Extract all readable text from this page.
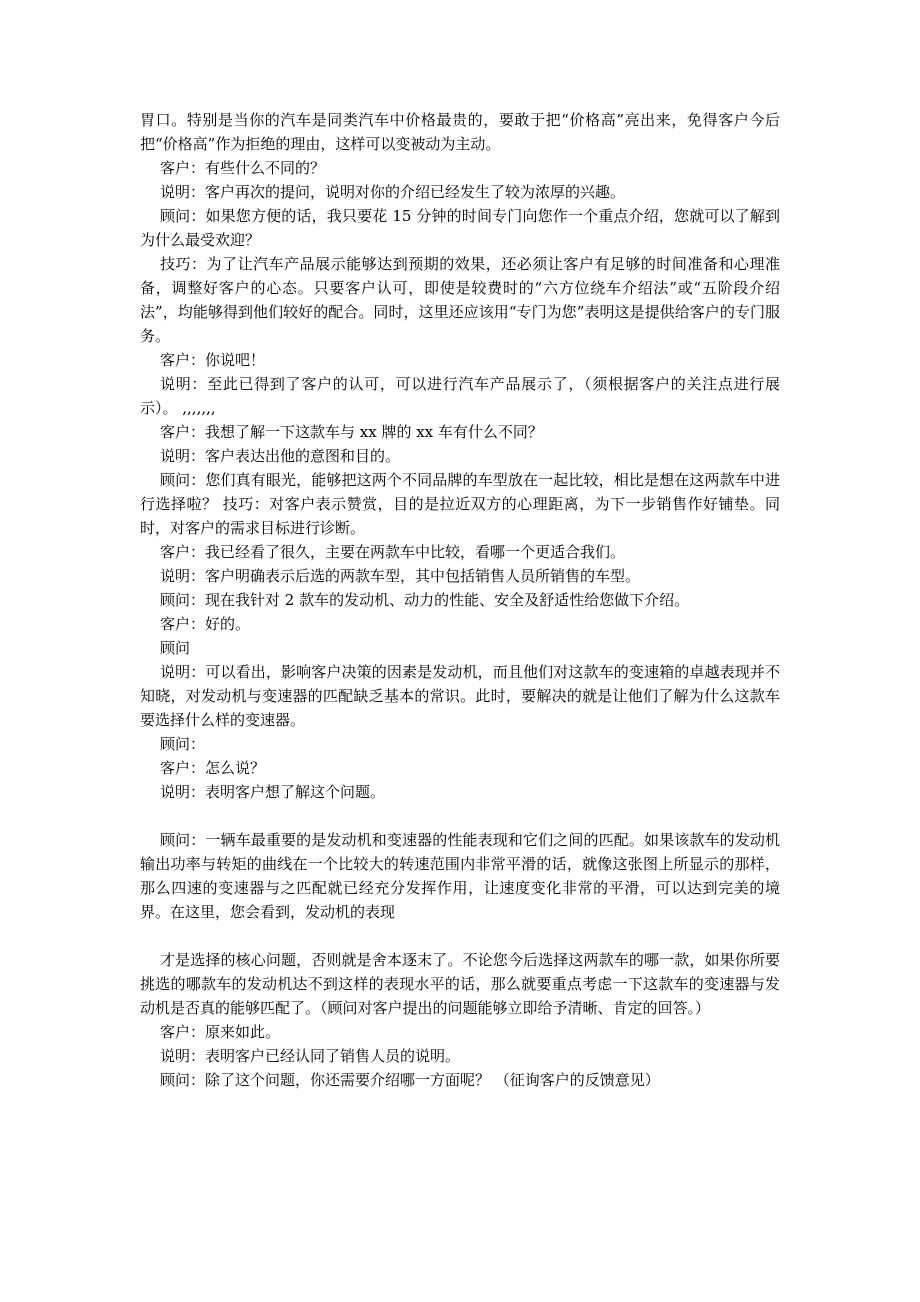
胃口。特别是当你的汽车是同类汽车中价格最贵的，要敢于把“价格高”亮出来，免得客户今后把“价格高”作为拒绝的理由，这样可以变被动为主动。

客户：有些什么不同的？

说明：客户再次的提问，说明对你的介绍已经发生了较为浓厚的兴趣。

顾问：如果您方便的话，我只要花 15 分钟的时间专门向您作一个重点介绍，您就可以了解到为什么最受欢迎？

技巧：为了让汽车产品展示能够达到预期的效果，还必须让客户有足够的时间准备和心理准备，调整好客户的心态。只要客户认可，即使是较费时的“六方位绕车介绍法”或“五阶段介绍法”，均能够得到他们较好的配合。同时，这里还应该用“专门为您”表明这是提供给客户的专门服务。

客户：你说吧！

说明：至此已得到了客户的认可，可以进行汽车产品展示了，（须根据客户的关注点进行展示）。 ,,,,,,,

客户：我想了解一下这款车与 xx 牌的 xx 车有什么不同？

说明：客户表达出他的意图和目的。

顾问：您们真有眼光，能够把这两个不同品牌的车型放在一起比较，相比是想在这两款车中进行选择啦？ 技巧：对客户表示赞赏，目的是拉近双方的心理距离，为下一步销售作好铺垫。同时，对客户的需求目标进行诊断。

客户：我已经看了很久，主要在两款车中比较，看哪一个更适合我们。

说明：客户明确表示后选的两款车型，其中包括销售人员所销售的车型。

顾问：现在我针对 2 款车的发动机、动力的性能、安全及舒适性给您做下介绍。

客户：好的。

顾问

说明：可以看出，影响客户决策的因素是发动机，而且他们对这款车的变速箱的卓越表现并不知晓，对发动机与变速器的匹配缺乏基本的常识。此时，要解决的就是让他们了解为什么这款车要选择什么样的变速器。

顾问：

客户：怎么说？

说明：表明客户想了解这个问题。

顾问：一辆车最重要的是发动机和变速器的性能表现和它们之间的匹配。如果该款车的发动机输出功率与转矩的曲线在一个比较大的转速范围内非常平滑的话，就像这张图上所显示的那样，那么四速的变速器与之匹配就已经充分发挥作用，让速度变化非常的平滑，可以达到完美的境界。在这里，您会看到，发动机的表现

才是选择的核心问题，否则就是舍本逐末了。不论您今后选择这两款车的哪一款，如果你所要挑选的哪款车的发动机达不到这样的表现水平的话，那么就要重点考虑一下这款车的变速器与发动机是否真的能够匹配了。（顾问对客户提出的问题能够立即给予清晰、肯定的回答。）

客户：原来如此。

说明：表明客户已经认同了销售人员的说明。

顾问：除了这个问题，你还需要介绍哪一方面呢？ （征询客户的反馈意见）
